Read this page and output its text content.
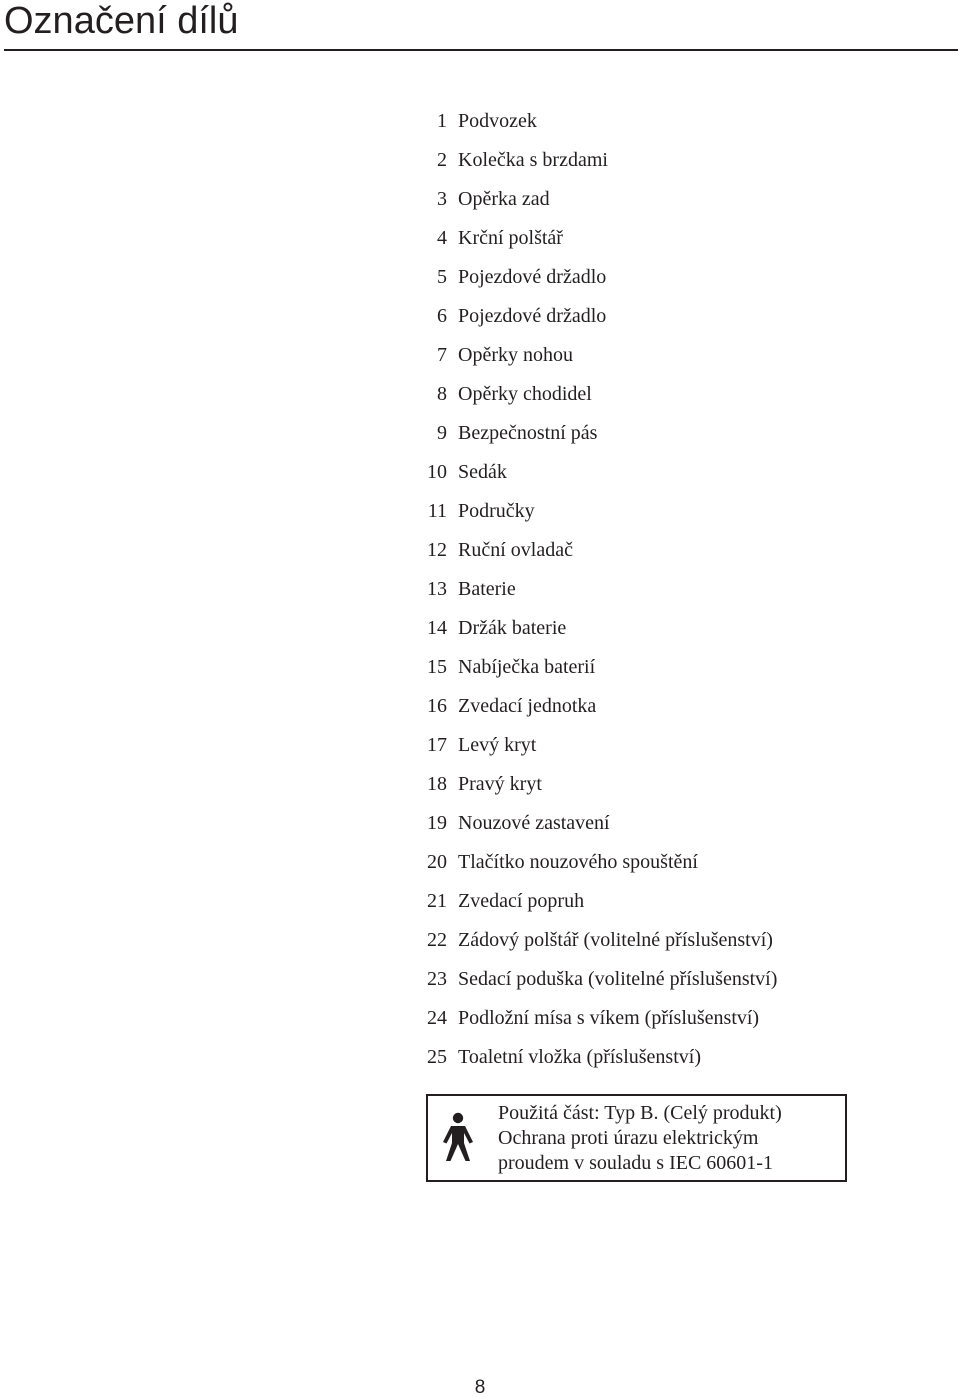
Označení dílů
1 Podvozek
2 Kolečka s brzdami
3 Opěrka zad
4 Krční polštář
5 Pojezdové držadlo
6 Pojezdové držadlo
7 Opěrky nohou
8 Opěrky chodidel
9 Bezpečnostní pás
10 Sedák
11 Područky
12 Ruční ovladač
13 Baterie
14 Držák baterie
15 Nabíječka baterií
16 Zvedací jednotka
17 Levý kryt
18 Pravý kryt
19 Nouzové zastavení
20 Tlačítko nouzového spouštění
21 Zvedací popruh
22 Zádový polštář (volitelné příslušenství)
23 Sedací poduška (volitelné příslušenství)
24 Podložní mísa s víkem (příslušenství)
25 Toaletní vložka (příslušenství)
Použitá část: Typ B. (Celý produkt)
Ochrana proti úrazu elektrickým
proudem v souladu s IEC 60601-1
8
